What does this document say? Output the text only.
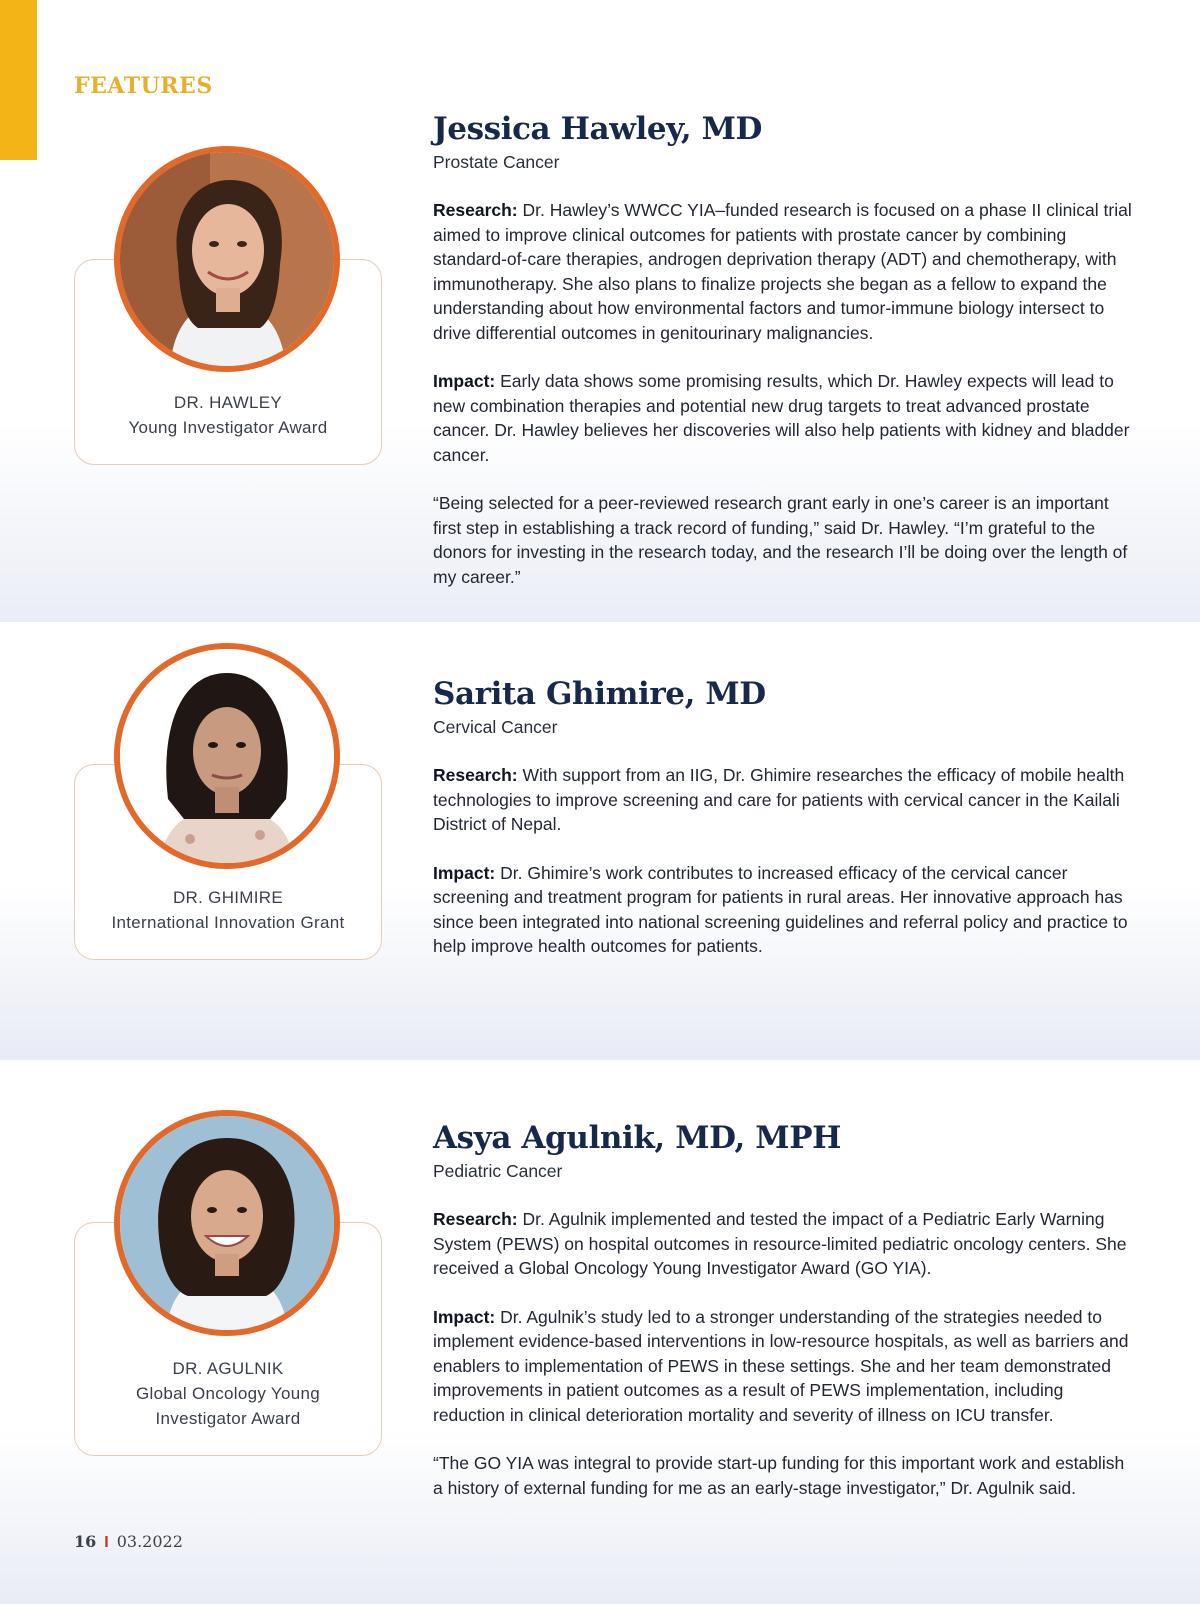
FEATURES
DR. HAWLEY
Young Investigator Award
Jessica Hawley, MD
Prostate Cancer
Research: Dr. Hawley’s WWCC YIA–funded research is focused on a phase II clinical trial aimed to improve clinical outcomes for patients with prostate cancer by combining standard-of-care therapies, androgen deprivation therapy (ADT) and chemotherapy, with immunotherapy. She also plans to finalize projects she began as a fellow to expand the understanding about how environmental factors and tumor-immune biology intersect to drive differential outcomes in genitourinary malignancies.
Impact: Early data shows some promising results, which Dr. Hawley expects will lead to new combination therapies and potential new drug targets to treat advanced prostate cancer. Dr. Hawley believes her discoveries will also help patients with kidney and bladder cancer.
“Being selected for a peer-reviewed research grant early in one’s career is an important first step in establishing a track record of funding,” said Dr. Hawley. “I’m grateful to the donors for investing in the research today, and the research I’ll be doing over the length of my career.”
DR. GHIMIRE
International Innovation Grant
Sarita Ghimire, MD
Cervical Cancer
Research: With support from an IIG, Dr. Ghimire researches the efficacy of mobile health technologies to improve screening and care for patients with cervical cancer in the Kailali District of Nepal.
Impact: Dr. Ghimire’s work contributes to increased efficacy of the cervical cancer screening and treatment program for patients in rural areas. Her innovative approach has since been integrated into national screening guidelines and referral policy and practice to help improve health outcomes for patients.
DR. AGULNIK
Global Oncology Young
Investigator Award
Asya Agulnik, MD, MPH
Pediatric Cancer
Research: Dr. Agulnik implemented and tested the impact of a Pediatric Early Warning System (PEWS) on hospital outcomes in resource-limited pediatric oncology centers. She received a Global Oncology Young Investigator Award (GO YIA).
Impact: Dr. Agulnik’s study led to a stronger understanding of the strategies needed to implement evidence-based interventions in low-resource hospitals, as well as barriers and enablers to implementation of PEWS in these settings. She and her team demonstrated improvements in patient outcomes as a result of PEWS implementation, including reduction in clinical deterioration mortality and severity of illness on ICU transfer.
“The GO YIA was integral to provide start-up funding for this important work and establish a history of external funding for me as an early-stage investigator,” Dr. Agulnik said.
16 I 03.2022
